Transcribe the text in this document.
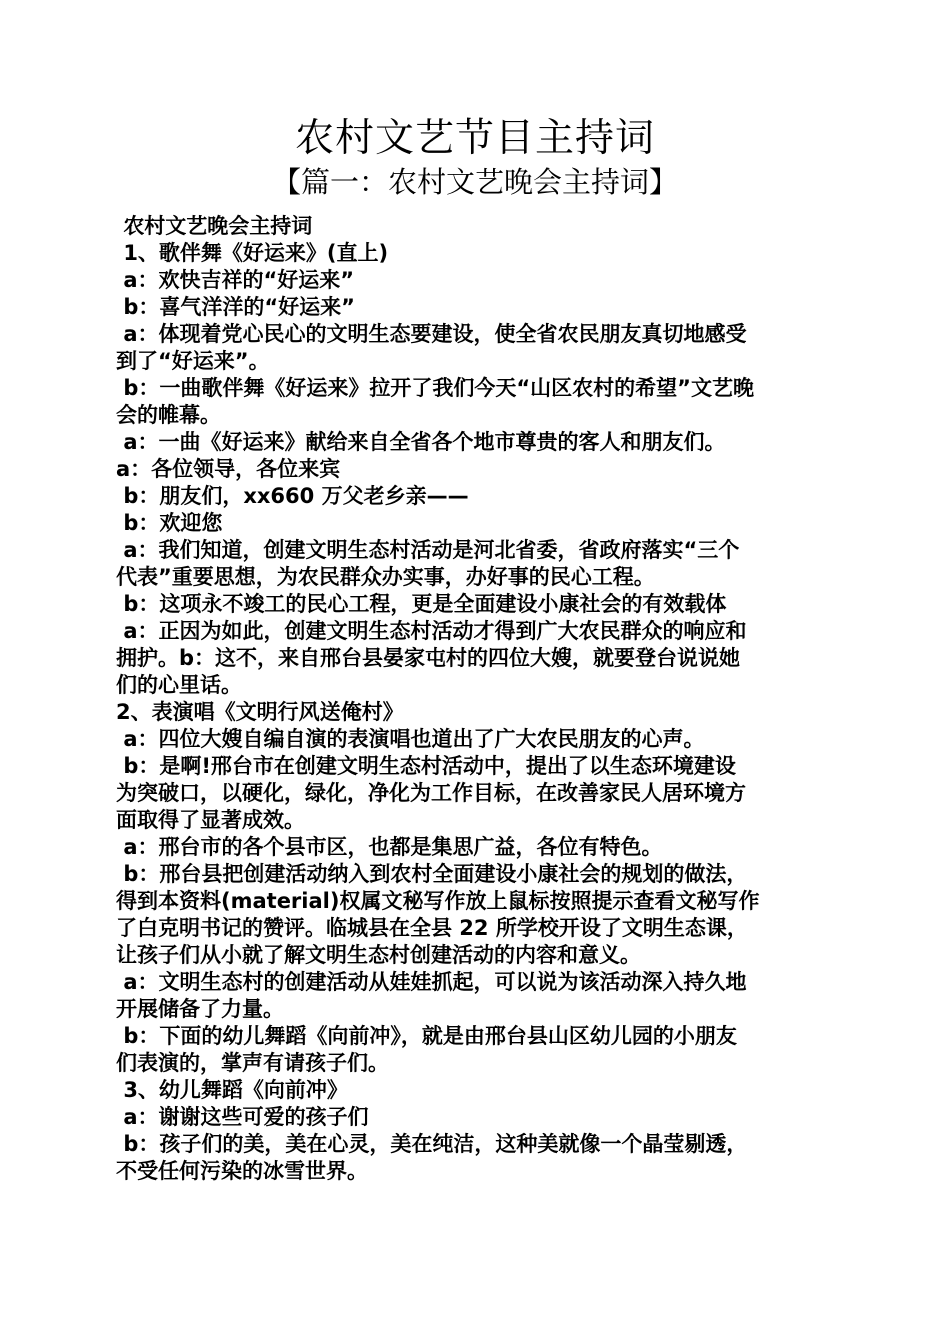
农村文艺节目主持词
【篇一：农村文艺晚会主持词】

农村文艺晚会主持词

1、歌伴舞《好运来》(直上)

a：欢快吉祥的“好运来”

b：喜气洋洋的“好运来”

a：体现着党心民心的文明生态要建设，使全省农民朋友真切地感受

到了“好运来”。

b：一曲歌伴舞《好运来》拉开了我们今天“山区农村的希望”文艺晚

会的帷幕。

a：一曲《好运来》献给来自全省各个地市尊贵的客人和朋友们。

a：各位领导，各位来宾

b：朋友们，xx660 万父老乡亲——

b：欢迎您

a：我们知道，创建文明生态村活动是河北省委，省政府落实“三个

代表”重要思想，为农民群众办实事，办好事的民心工程。

b：这项永不竣工的民心工程，更是全面建设小康社会的有效载体

a：正因为如此，创建文明生态村活动才得到广大农民群众的响应和

拥护。b：这不，来自邢台县晏家屯村的四位大嫂，就要登台说说她

们的心里话。

2、表演唱《文明行风送俺村》

a：四位大嫂自编自演的表演唱也道出了广大农民朋友的心声。

b：是啊!邢台市在创建文明生态村活动中，提出了以生态环境建设

为突破口，以硬化，绿化，净化为工作目标，在改善家民人居环境方

面取得了显著成效。

a：邢台市的各个县市区，也都是集思广益，各位有特色。

b：邢台县把创建活动纳入到农村全面建设小康社会的规划的做法，

得到本资料(material)权属文秘写作放上鼠标按照提示查看文秘写作

了白克明书记的赞评。临城县在全县 22 所学校开设了文明生态课，

让孩子们从小就了解文明生态村创建活动的内容和意义。

a：文明生态村的创建活动从娃娃抓起，可以说为该活动深入持久地

开展储备了力量。

b：下面的幼儿舞蹈《向前冲》，就是由邢台县山区幼儿园的小朋友

们表演的，掌声有请孩子们。

3、幼儿舞蹈《向前冲》

a：谢谢这些可爱的孩子们

b：孩子们的美，美在心灵，美在纯洁，这种美就像一个晶莹剔透，

不受任何污染的冰雪世界。
